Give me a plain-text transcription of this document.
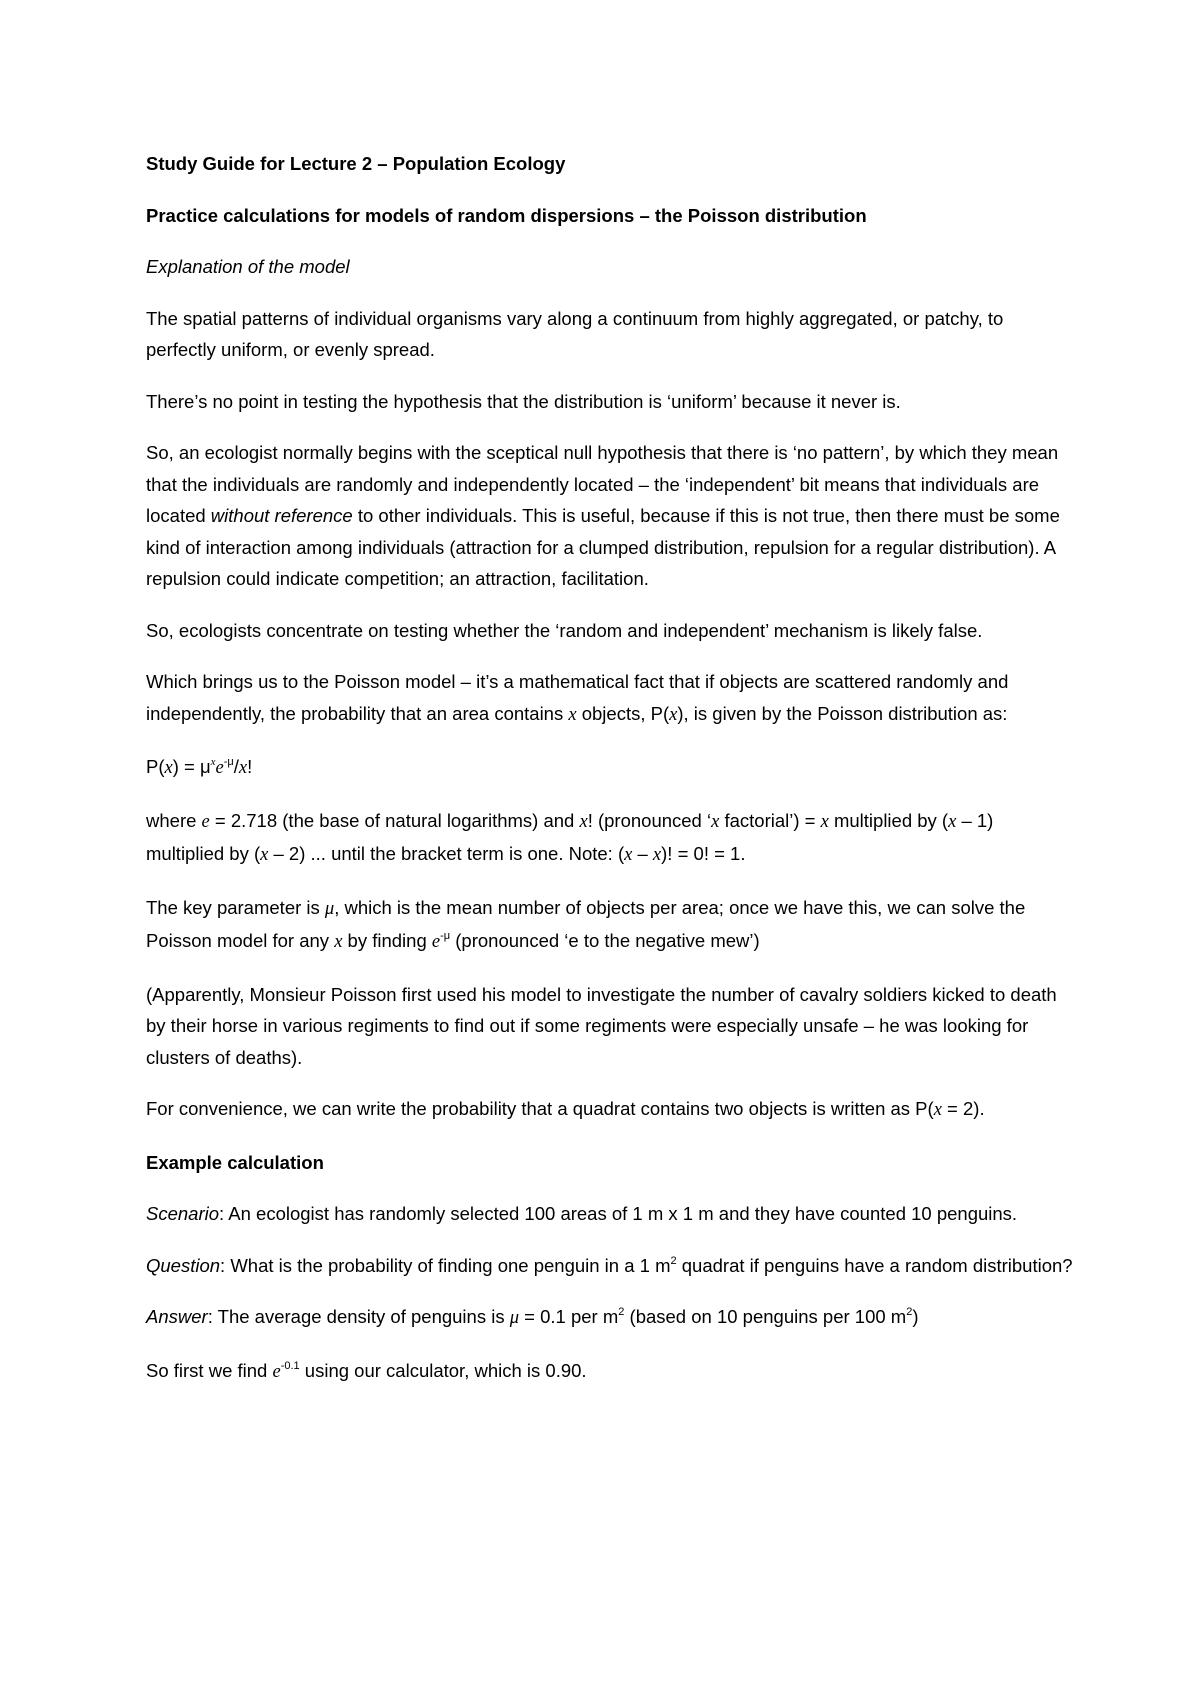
Study Guide for Lecture 2 – Population Ecology

Practice calculations for models of random dispersions – the Poisson distribution

Explanation of the model

The spatial patterns of individual organisms vary along a continuum from highly aggregated, or patchy, to perfectly uniform, or evenly spread.

There’s no point in testing the hypothesis that the distribution is ‘uniform’ because it never is.

So, an ecologist normally begins with the sceptical null hypothesis that there is ‘no pattern’, by which they mean that the individuals are randomly and independently located – the ‘independent’ bit means that individuals are located without reference to other individuals. This is useful, because if this is not true, then there must be some kind of interaction among individuals (attraction for a clumped distribution, repulsion for a regular distribution). A repulsion could indicate competition; an attraction, facilitation.

So, ecologists concentrate on testing whether the ‘random and independent’ mechanism is likely false.

Which brings us to the Poisson model – it’s a mathematical fact that if objects are scattered randomly and independently, the probability that an area contains x objects, P(x), is given by the Poisson distribution as:

$P(x) = \mu^xe^{-\mu}/x$!

where e = 2.718 (the base of natural logarithms) and x! (pronounced ‘x factorial’) = x multiplied by (x – 1) multiplied by (x – 2) ... until the bracket term is one. Note: (x – x)! = 0! = 1.

The key parameter is μ, which is the mean number of objects per area; once we have this, we can solve the Poisson model for any x by finding $e^{-\mu}$ (pronounced ‘e to the negative mew’)

(Apparently, Monsieur Poisson first used his model to investigate the number of cavalry soldiers kicked to death by their horse in various regiments to find out if some regiments were especially unsafe – he was looking for clusters of deaths).

For convenience, we can write the probability that a quadrat contains two objects is written as P(x = 2).

Example calculation

Scenario: An ecologist has randomly selected 100 areas of 1 m x 1 m and they have counted 10 penguins.

Question: What is the probability of finding one penguin in a 1 $m^2$ quadrat if penguins have a random distribution?

Answer: The average density of penguins is μ = 0.1 per $m^2$ (based on 10 penguins per 100 $m^2$)

So first we find $e^{-0.1}$ using our calculator, which is 0.90.
